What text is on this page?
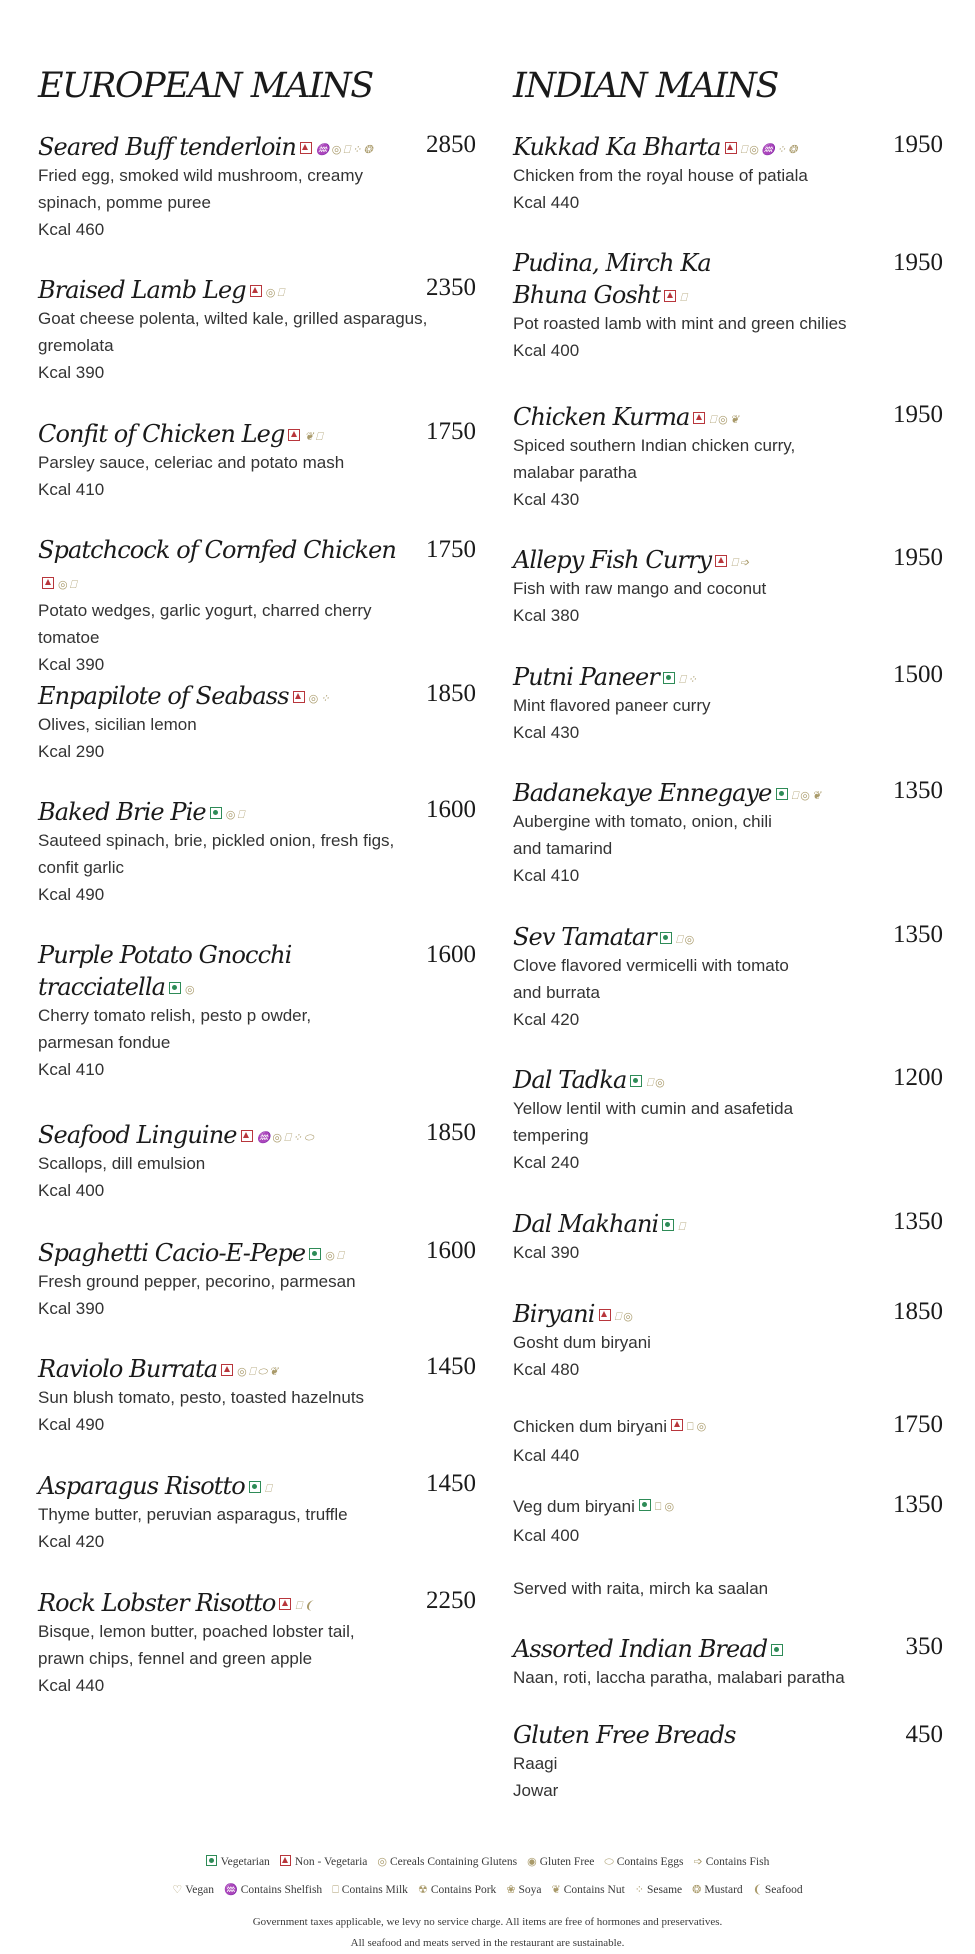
EUROPEAN MAINS
Seared Buff tenderloin ♒ ◎ ⎕ ⁘ ❂ 2850
Fried egg, smoked wild mushroom, creamy
spinach, pomme puree
Kcal 460
Braised Lamb Leg ◎ ⎕	2350
Goat cheese polenta, wilted kale, grilled asparagus,
gremolata
Kcal 390
Confit of Chicken Leg ❦ ⎕	1750
Parsley sauce, celeriac and potato mash
Kcal 410
Spatchcock of Cornfed Chicken◎ ⎕
1750
Potato wedges, garlic yogurt, charred cherry
tomatoe
Kcal 390
Enpapilote of Seabass ◎ ⁘	1850
Olives, sicilian lemon
Kcal 290
Baked Brie Pie ◎ ⎕	1600
Sauteed spinach, brie, pickled onion, fresh figs,
confit garlic
Kcal 490
Purple Potato Gnocchi
tracciatella ◎
1600
Cherry tomato relish, pesto p owder,
parmesan fondue
Kcal 410
Seafood Linguine ♒ ◎ ⎕ ⁘ ⬭	1850
Scallops, dill emulsion
Kcal 400
Spaghetti Cacio-E-Pepe ◎ ⎕	1600
Fresh ground pepper, pecorino, parmesan
Kcal 390
Raviolo Burrata ◎ ⎕ ⬭ ❦	1450
Sun blush tomato, pesto, toasted hazelnuts
Kcal 490
Asparagus Risotto ⎕	1450
Thyme butter, peruvian asparagus, truffle
Kcal 420
Rock Lobster Risotto ⎕ ❨	2250
Bisque, lemon butter, poached lobster tail,
prawn chips, fennel and green apple
Kcal 440
INDIAN MAINS
Kukkad Ka Bharta ⎕ ◎ ♒ ⁘ ❂	1950
Chicken from the royal house of patiala
Kcal 440
Pudina, Mirch Ka
Bhuna Gosht ⎕
1950
Pot roasted lamb with mint and green chilies
Kcal 400
Chicken Kurma ⎕ ◎ ❦	1950
Spiced southern Indian chicken curry,
malabar paratha
Kcal 430
Allepy Fish Curry ⎕ ➩	1950
Fish with raw mango and coconut
Kcal 380
Putni Paneer ⎕ ⁘	1500
Mint flavored paneer curry
Kcal 430
Badanekaye Ennegaye ⎕ ◎ ❦	1350
Aubergine with tomato, onion, chili
and tamarind
Kcal 410
Sev Tamatar ⎕ ◎	1350
Clove flavored vermicelli with tomato
and burrata
Kcal 420
Dal Tadka ⎕ ◎	1200
Yellow lentil with cumin and asafetida
tempering
Kcal 240
Dal Makhani ⎕	1350
Kcal 390
Biryani ⎕ ◎	1850
Gosht dum biryani
Kcal 480
Chicken dum biryani ⎕ ◎	1750
Kcal 440
Veg dum biryani ⎕ ◎	1350
Kcal 400
Served with raita, mirch ka saalan
Assorted Indian Bread	350
Naan, roti, laccha paratha, malabari paratha
Gluten Free Breads	450
Raagi
Jowar
Vegetarian Non - Vegetaria ◎ Cereals Containing Glutens ◉ Gluten Free ⬭ Contains Eggs ➩ Contains Fish
♡ Vegan ♒ Contains Shelfish ⎕ Contains Milk ☢ Contains Pork ❀ Soya ❦ Contains Nut ⁘ Sesame ❂ Mustard ❨ Seafood
Government taxes applicable, we levy no service charge. All items are free of hormones and preservatives.
All seafood and meats served in the restaurant are sustainable.
